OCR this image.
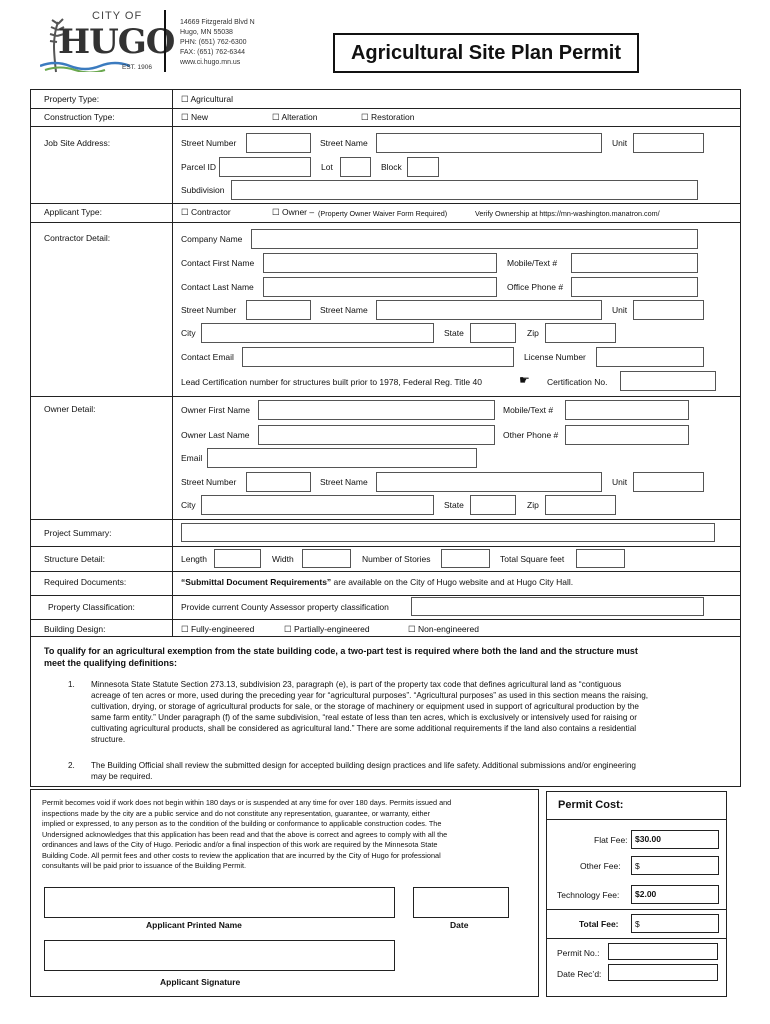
CITY OF
HUGO
EST. 1906
14669 Fitzgerald Blvd N
Hugo, MN 55038
PHN: (651) 762-6300
FAX: (651) 762-6344
www.ci.hugo.mn.us	Agricultural Site Plan Permit
Property Type:	☐ Agricultural
Construction Type:	☐ New	☐ Alteration	☐ Restoration
Job Site Address:	Street Number	Street Name	Unit
Parcel ID	Lot	Block
Subdivision
Applicant Type:	☐ Contractor	☐ Owner – (Property Owner Waiver Form Required)	Verify Ownership at https://mn-washington.manatron.com/
Contractor Detail:	Company Name
Contact First Name	Mobile/Text #
Contact Last Name	Office Phone #
Street Number	Street Name	Unit
City	State	Zip
Contact Email	License Number
Lead Certification number for structures built prior to 1978, Federal Reg. Title 40	☛ Certification No.
Owner Detail:	Owner First Name	Mobile/Text #
Owner Last Name	Other Phone #
Email
Street Number	Street Name	Unit
City	State	Zip
Project Summary:
Structure Detail:	Length	Width	Number of Stories	Total Square feet
Required Documents:	“Submittal Document Requirements” are available on the City of Hugo website and at Hugo City Hall.
Property Classification:	Provide current County Assessor property classification
Building Design:	☐ Fully-engineered	☐ Partially-engineered	☐ Non-engineered
To qualify for an agricultural exemption from the state building code, a two-part test is required where both the land and the structure must
meet the qualifying definitions:
1. Minnesota State Statute Section 273.13, subdivision 23, paragraph (e), is part of the property tax code that defines agricultural land as “contiguous
acreage of ten acres or more, used during the preceding year for “agricultural purposes”. “Agricultural purposes” as used in this section means the raising,
cultivation, drying, or storage of agricultural products for sale, or the storage of machinery or equipment used in support of agricultural production by the
same farm entity.” Under paragraph (f) of the same subdivision, “real estate of less than ten acres, which is exclusively or intensively used for raising or
cultivating agricultural products, shall be considered as agricultural land.” There are some additional requirements if the land also contains a residential
structure.
2. The Building Official shall review the submitted design for accepted building design practices and life safety. Additional submissions and/or engineering
may be required.
Permit becomes void if work does not begin within 180 days or is suspended at any time for over 180 days. Permits issued and
inspections made by the city are a public service and do not constitute any representation, guarantee, or warranty, either
implied or expressed, to any person as to the condition of the building or conformance to applicable construction codes. The
Undersigned acknowledges that this application has been read and that the above is correct and agrees to comply with all the
ordinances and laws of the City of Hugo. Periodic and/or a final inspection of this work are required by the Minnesota State
Building Code. All permit fees and other costs to review the application that are incurred by the City of Hugo for professional
consultants will be paid prior to issuance of the Building Permit.
Applicant Printed Name	Date
Applicant Signature
Permit Cost:
Flat Fee: $30.00
Other Fee: $
Technology Fee: $2.00
Total Fee: $
Permit No.:
Date Rec’d:
